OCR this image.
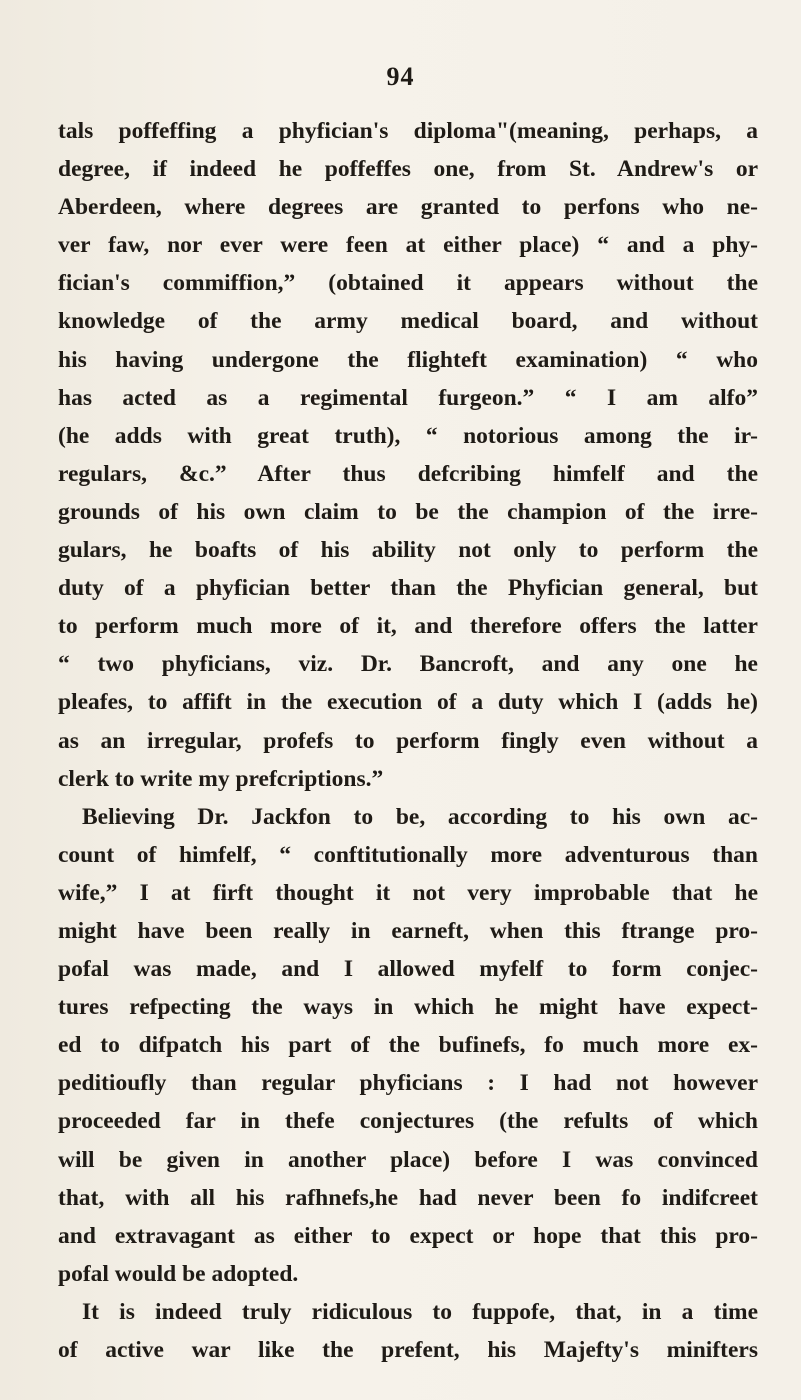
94
tals poffeffing a phyfician's diploma"(meaning, perhaps, a
degree, if indeed he poffeffes one, from St. Andrew's or
Aberdeen, where degrees are granted to perfons who ne-
ver faw, nor ever were feen at either place) “ and a phy-
fician's commiffion,” (obtained it appears without the
knowledge of the army medical board, and without
his having undergone the flighteft examination) “ who
has acted as a regimental furgeon.” “ I am alfo”
(he adds with great truth), “ notorious among the ir-
regulars, &c.” After thus defcribing himfelf and the
grounds of his own claim to be the champion of the irre-
gulars, he boafts of his ability not only to perform the
duty of a phyfician better than the Phyfician general, but
to perform much more of it, and therefore offers the latter
“ two phyficians, viz. Dr. Bancroft, and any one he
pleafes, to affift in the execution of a duty which I (adds he)
as an irregular, profefs to perform fingly even without a
clerk to write my prefcriptions.”
Believing Dr. Jackfon to be, according to his own ac-
count of himfelf, “ conftitutionally more adventurous than
wife,” I at firft thought it not very improbable that he
might have been really in earneft, when this ftrange pro-
pofal was made, and I allowed myfelf to form conjec-
tures refpecting the ways in which he might have expect-
ed to difpatch his part of the bufinefs, fo much more ex-
peditioufly than regular phyficians : I had not however
proceeded far in thefe conjectures (the refults of which
will be given in another place) before I was convinced
that, with all his rafhnefs,he had never been fo indifcreet
and extravagant as either to expect or hope that this pro-
pofal would be adopted.
It is indeed truly ridiculous to fuppofe, that, in a time
of active war like the prefent, his Majefty's minifters
